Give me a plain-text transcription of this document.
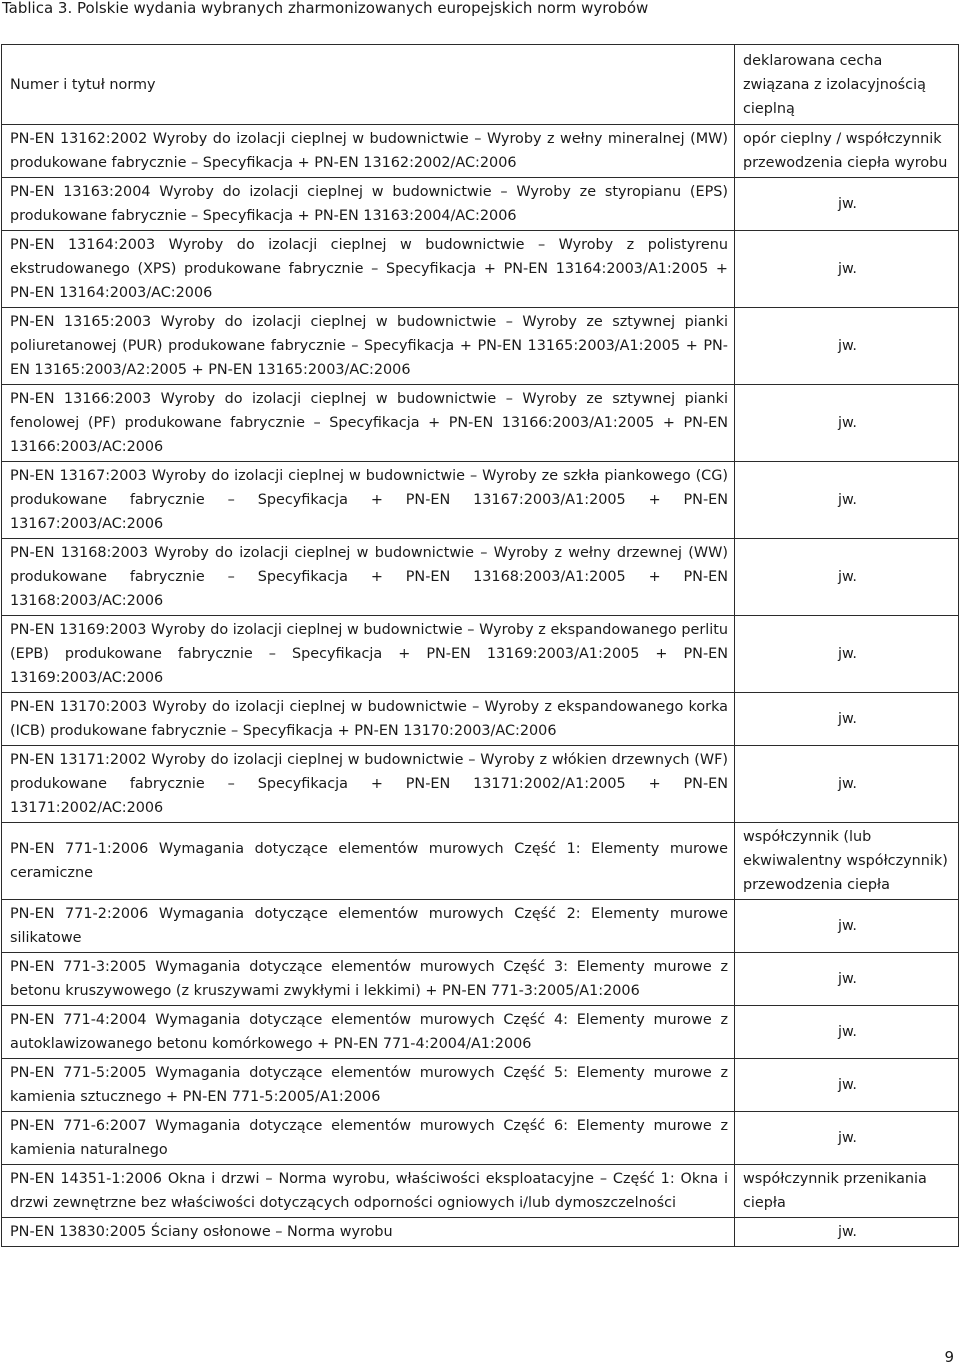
Tablica 3. Polskie wydania wybranych zharmonizowanych europejskich norm wyrobów
Numer i tytuł normy	deklarowana cecha związana z izolacyjnością cieplną
PN-EN 13162:2002 Wyroby do izolacji cieplnej w budownictwie – Wyroby z wełny mineralnej (MW) produkowane fabrycznie – Specyfikacja + PN-EN 13162:2002/AC:2006	opór cieplny / współczynnik przewodzenia ciepła wyrobu
PN-EN 13163:2004 Wyroby do izolacji cieplnej w budownictwie – Wyroby ze styropianu (EPS) produkowane fabrycznie – Specyfikacja + PN-EN 13163:2004/AC:2006	jw.
PN-EN 13164:2003 Wyroby do izolacji cieplnej w budownictwie – Wyroby z polistyrenu ekstrudowanego (XPS) produkowane fabrycznie – Specyfikacja + PN-EN 13164:2003/A1:2005 + PN-EN 13164:2003/AC:2006	jw.
PN-EN 13165:2003 Wyroby do izolacji cieplnej w budownictwie – Wyroby ze sztywnej pianki poliuretanowej (PUR) produkowane fabrycznie – Specyfikacja + PN-EN 13165:2003/A1:2005 + PN-EN 13165:2003/A2:2005 + PN-EN 13165:2003/AC:2006	jw.
PN-EN 13166:2003 Wyroby do izolacji cieplnej w budownictwie – Wyroby ze sztywnej pianki fenolowej (PF) produkowane fabrycznie – Specyfikacja + PN-EN 13166:2003/A1:2005 + PN-EN 13166:2003/AC:2006	jw.
PN-EN 13167:2003 Wyroby do izolacji cieplnej w budownictwie – Wyroby ze szkła piankowego (CG) produkowane fabrycznie – Specyfikacja + PN-EN 13167:2003/A1:2005 + PN-EN 13167:2003/AC:2006	jw.
PN-EN 13168:2003 Wyroby do izolacji cieplnej w budownictwie – Wyroby z wełny drzewnej (WW) produkowane fabrycznie – Specyfikacja + PN-EN 13168:2003/A1:2005 + PN-EN 13168:2003/AC:2006	jw.
PN-EN 13169:2003 Wyroby do izolacji cieplnej w budownictwie – Wyroby z ekspandowanego perlitu (EPB) produkowane fabrycznie – Specyfikacja + PN-EN 13169:2003/A1:2005 + PN-EN 13169:2003/AC:2006	jw.
PN-EN 13170:2003 Wyroby do izolacji cieplnej w budownictwie – Wyroby z ekspandowanego korka (ICB) produkowane fabrycznie – Specyfikacja + PN-EN 13170:2003/AC:2006	jw.
PN-EN 13171:2002 Wyroby do izolacji cieplnej w budownictwie – Wyroby z włókien drzewnych (WF) produkowane fabrycznie – Specyfikacja + PN-EN 13171:2002/A1:2005 + PN-EN 13171:2002/AC:2006	jw.
PN-EN 771-1:2006 Wymagania dotyczące elementów murowych Część 1: Elementy murowe ceramiczne	współczynnik (lub ekwiwalentny współczynnik) przewodzenia ciepła
PN-EN 771-2:2006 Wymagania dotyczące elementów murowych Część 2: Elementy murowe silikatowe	jw.
PN-EN 771-3:2005 Wymagania dotyczące elementów murowych Część 3: Elementy murowe z betonu kruszywowego (z kruszywami zwykłymi i lekkimi) + PN-EN 771-3:2005/A1:2006	jw.
PN-EN 771-4:2004 Wymagania dotyczące elementów murowych Część 4: Elementy murowe z autoklawizowanego betonu komórkowego + PN-EN 771-4:2004/A1:2006	jw.
PN-EN 771-5:2005 Wymagania dotyczące elementów murowych Część 5: Elementy murowe z kamienia sztucznego + PN-EN 771-5:2005/A1:2006	jw.
PN-EN 771-6:2007 Wymagania dotyczące elementów murowych Część 6: Elementy murowe z kamienia naturalnego	jw.
PN-EN 14351-1:2006 Okna i drzwi – Norma wyrobu, właściwości eksploatacyjne – Część 1: Okna i drzwi zewnętrzne bez właściwości dotyczących odporności ogniowych i/lub dymoszczelności	współczynnik przenikania ciepła
PN-EN 13830:2005 Ściany osłonowe – Norma wyrobu	jw.
9
